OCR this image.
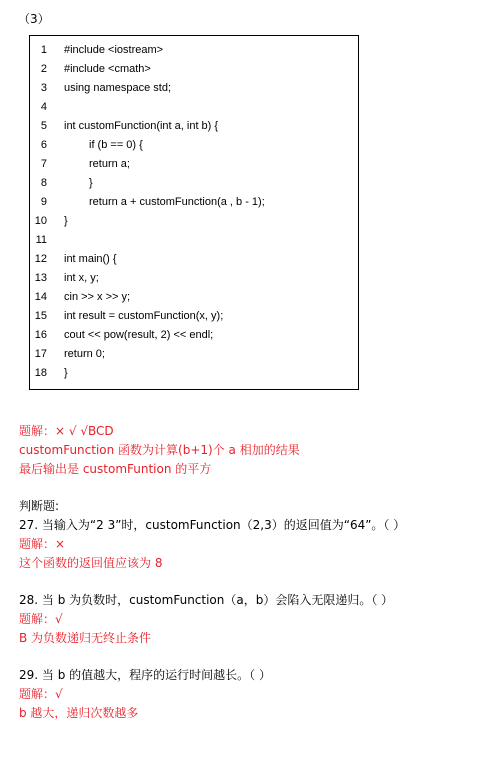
（3）
1 #include <iostream>
2 #include <cmath>
3 using namespace std;
4
5 int customFunction(int a, int b) {
6	if (b == 0) {
7	return a;
8	}
9	return a + customFunction(a , b - 1);
10 }
11
12 int main() {
13 int x, y;
14 cin >> x >> y;
15 int result = customFunction(x, y);
16 cout << pow(result, 2) << endl;
17 return 0;
18 }
题解：× √ √BCD
customFunction 函数为计算(b+1)个 a 相加的结果
最后输出是 customFuntion 的平方
判断题:
27. 当输入为“2 3”时，customFunction（2,3）的返回值为“64”。（ ）
题解：×
这个函数的返回值应该为 8
28. 当 b 为负数时，customFunction（a，b）会陷入无限递归。（ ）
题解：√
B 为负数递归无终止条件
29. 当 b 的值越大，程序的运行时间越长。（ ）
题解：√
b 越大，递归次数越多
